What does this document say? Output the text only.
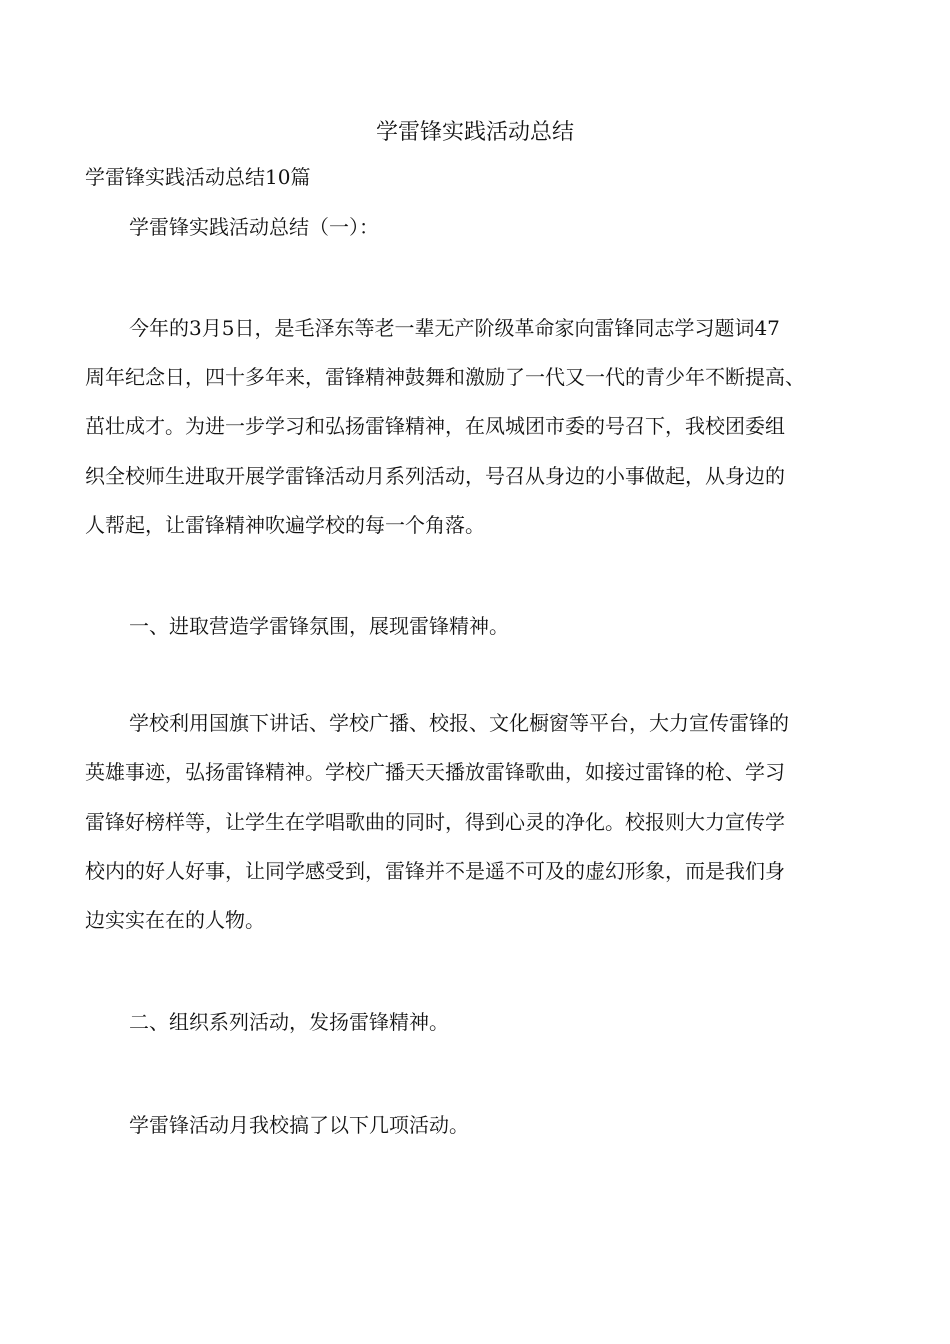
学雷锋实践活动总结
学雷锋实践活动总结10篇
学雷锋实践活动总结（一）：
今年的3月5日，是毛泽东等老一辈无产阶级革命家向雷锋同志学习题词47
周年纪念日，四十多年来，雷锋精神鼓舞和激励了一代又一代的青少年不断提高、
茁壮成才。为进一步学习和弘扬雷锋精神，在凤城团市委的号召下，我校团委组
织全校师生进取开展学雷锋活动月系列活动，号召从身边的小事做起，从身边的
人帮起，让雷锋精神吹遍学校的每一个角落。
一、进取营造学雷锋氛围，展现雷锋精神。
学校利用国旗下讲话、学校广播、校报、文化橱窗等平台，大力宣传雷锋的
英雄事迹，弘扬雷锋精神。学校广播天天播放雷锋歌曲，如接过雷锋的枪、学习
雷锋好榜样等，让学生在学唱歌曲的同时，得到心灵的净化。校报则大力宣传学
校内的好人好事，让同学感受到，雷锋并不是遥不可及的虚幻形象，而是我们身
边实实在在的人物。
二、组织系列活动，发扬雷锋精神。
学雷锋活动月我校搞了以下几项活动。
